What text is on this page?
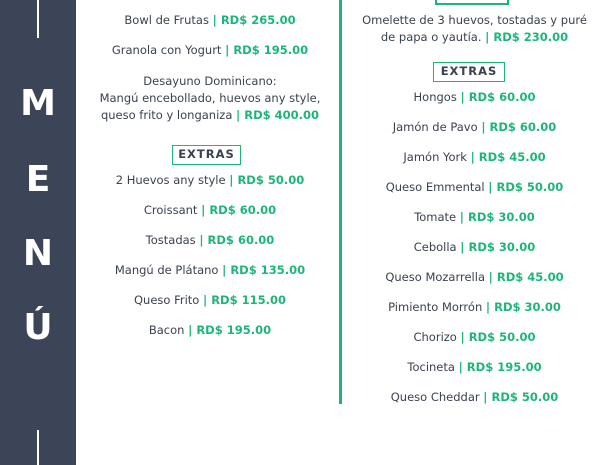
M
E
N
Ú
Bowl de Frutas | RD$ 265.00
Granola con Yogurt | RD$ 195.00
Desayuno Dominicano:
Mangú encebollado, huevos any style,
queso frito y longaniza | RD$ 400.00
EXTRAS
2 Huevos any style | RD$ 50.00
Croissant | RD$ 60.00
Tostadas | RD$ 60.00
Mangú de Plátano | RD$ 135.00
Queso Frito | RD$ 115.00
Bacon | RD$ 195.00
Omelette de 3 huevos, tostadas y puré
de papa o yautía. | RD$ 230.00
EXTRAS
Hongos | RD$ 60.00
Jamón de Pavo | RD$ 60.00
Jamón York | RD$ 45.00
Queso Emmental | RD$ 50.00
Tomate | RD$ 30.00
Cebolla | RD$ 30.00
Queso Mozarrella | RD$ 45.00
Pimiento Morrón | RD$ 30.00
Chorizo | RD$ 50.00
Tocineta | RD$ 195.00
Queso Cheddar | RD$ 50.00
